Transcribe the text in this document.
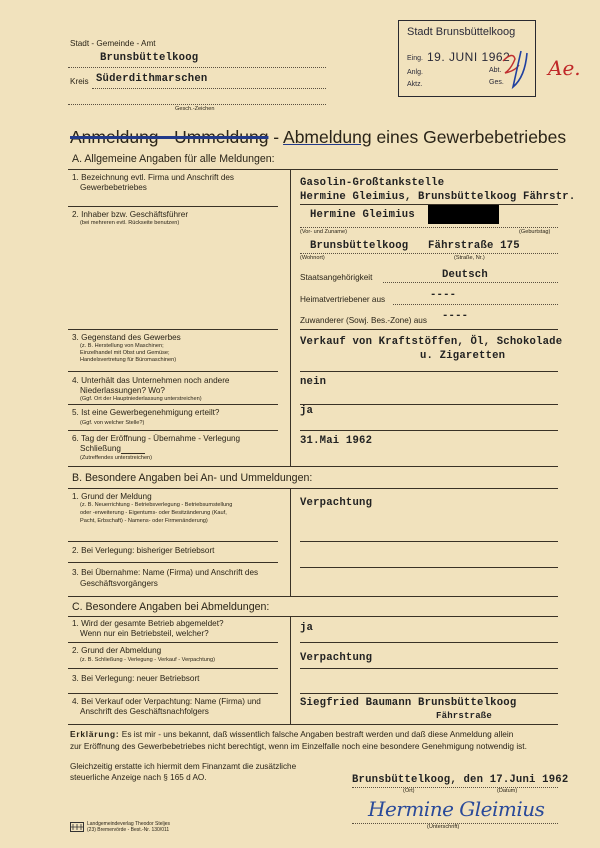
Stadt - Gemeinde - Amt
Brunsbüttelkoog
Kreis Süderdithmarschen
Gesch.-Zeichen
Stadt Brunsbüttelkoog
Eing. 19. JUNI 1962
Anlg.	Abt.
Aktz.	Ges.
Ae.
Anmeldung - Ummeldung - Abmeldung eines Gewerbebetriebes
A. Allgemeine Angaben für alle Meldungen:
1. Bezeichnung evtl. Firma und Anschrift des
Gewerbebetriebes	Gasolin-Großtankstelle
Hermine Gleimius, Brunsbüttelkoog Fährstr.
2. Inhaber bzw. Geschäftsführer
(bei mehreren evtl. Rückseite benutzen)
Hermine Gleimius
(Vor- und Zuname)	(Geburtstag)
Brunsbüttelkoog Fährstraße 175
(Wohnort)	(Straße, Nr.)
Staatsangehörigkeit	Deutsch
Heimatvertriebener aus	----
Zuwanderer (Sowj. Bes.-Zone) aus ----
3. Gegenstand des Gewerbes
(z. B. Herstellung von Maschinen;
Einzelhandel mit Obst und Gemüse;
Handelsvertretung für Büromaschinen)
Verkauf von Kraftstöffen, Öl, Schokolade
u. Zigaretten
4. Unterhält das Unternehmen noch andere
Niederlassungen? Wo?
(Ggf. Ort der Hauptniederlassung unterstreichen)
nein
5. Ist eine Gewerbegenehmigung erteilt?
(Ggf. von welcher Stelle?)
ja
6. Tag der Eröffnung - Übernahme - Verlegung
Schließung
(Zutreffendes unterstreichen)
31.Mai 1962
B. Besondere Angaben bei An- und Ummeldungen:
1. Grund der Meldung
(z. B. Neuerrichtung - Betriebsverlegung - Betriebsumstellung
oder -erweiterung - Eigentums- oder Besitzänderung (Kauf,
Pacht, Erbschaft) - Namens- oder Firmenänderung)
Verpachtung
2. Bei Verlegung: bisheriger Betriebsort
3. Bei Übernahme: Name (Firma) und Anschrift des
Geschäftsvorgängers
C. Besondere Angaben bei Abmeldungen:
1. Wird der gesamte Betrieb abgemeldet?
Wenn nur ein Betriebsteil, welcher?	ja
2. Grund der Abmeldung
(z. B. Schließung - Verlegung - Verkauf - Verpachtung)	Verpachtung
3. Bei Verlegung: neuer Betriebsort
4. Bei Verkauf oder Verpachtung: Name (Firma) und
Anschrift des Geschäftsnachfolgers
Siegfried Baumann Brunsbüttelkoog
Fährstraße
Erklärung: Es ist mir - uns bekannt, daß wissentlich falsche Angaben bestraft werden und daß diese Anmeldung allein
zur Eröffnung des Gewerbebetriebes nicht berechtigt, wenn im Einzelfalle noch eine besondere Genehmigung notwendig ist.
Gleichzeitig erstatte ich hiermit dem Finanzamt die zusätzliche
steuerliche Anzeige nach § 165 d AO.	Brunsbüttelkoog, den 17.Juni 1962
(Ort)	(Datum)
Hermine Gleimius
(Unterschrift)
Landgemeindeverlag Theodor Steljes
(23) Bremervörde - Best.-Nr. 130/011
